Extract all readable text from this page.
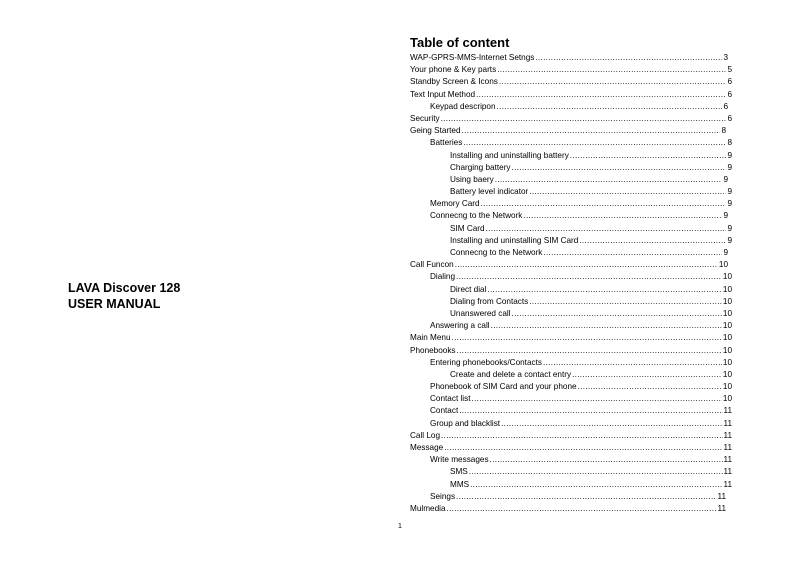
LAVA Discover 128
USER MANUAL
Table of content
WAP-GPRS-MMS-Internet Setngs .....	3
Your phone & Key parts .....	5
Standby Screen & Icons .....	6
Text Input Method .....	6
Keypad descripon .....	6
Security .....	6
Geing Started .....	8
Batteries .....	8
Installing and uninstalling battery .....	9
Charging battery .....	9
Using baery .....	9
Battery level indicator .....	9
Memory Card .....	9
Connecng to the Network .....	9
SIM Card .....	9
Installing and uninstalling SIM Card .....	9
Connecng to the Network .....	9
Call Funcon .....	10
Dialing .....	10
Direct dial .....	10
Dialing from Contacts .....	10
Unanswered call .....	10
Answering a call .....	10
Main Menu .....	10
Phonebooks .....	10
Entering phonebooks/Contacts .....	10
Create and delete a contact entry .....	10
Phonebook of SIM Card and your phone .....	10
Contact list .....	10
Contact .....	11
Group and blacklist .....	11
Call Log .....	11
Message .....	11
Write messages .....	11
SMS .....	11
MMS .....	11
Seings .....	11
Mulmedia .....	11
1
